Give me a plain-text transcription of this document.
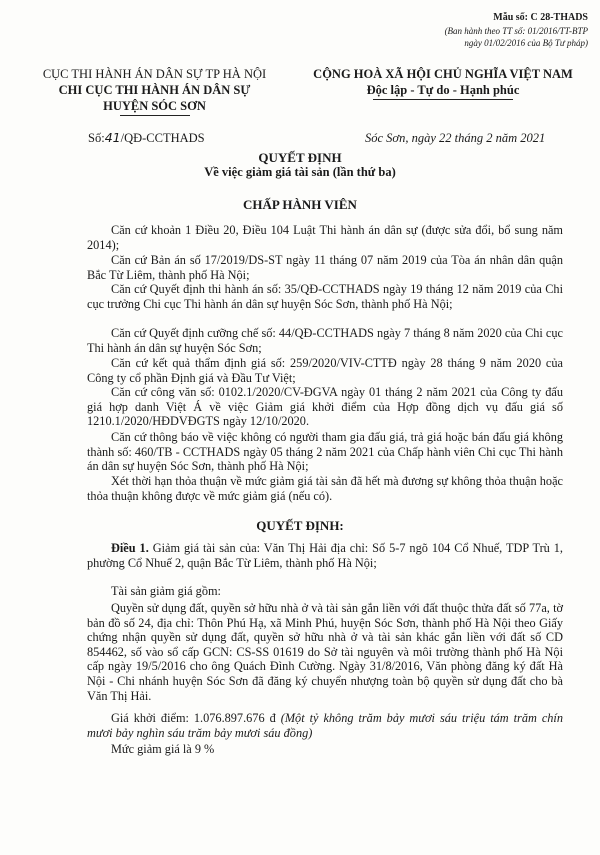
Mẫu số: C 28-THADS
(Ban hành theo TT số: 01/2016/TT-BTP
ngày 01/02/2016 của Bộ Tư pháp)
CỤC THI HÀNH ÁN DÂN SỰ TP HÀ NỘI
CHI CỤC THI HÀNH ÁN DÂN SỰ
HUYỆN SÓC SƠN
CỘNG HOÀ XÃ HỘI CHỦ NGHĨA VIỆT NAM
Độc lập - Tự do - Hạnh phúc
Số:41/QĐ-CCTHADS	Sóc Sơn, ngày 22 tháng 2 năm 2021
QUYẾT ĐỊNH
Về việc giảm giá tài sản (lần thứ ba)
CHẤP HÀNH VIÊN

Căn cứ khoản 1 Điều 20, Điều 104 Luật Thi hành án dân sự (được sửa đổi, bổ sung năm 2014);

Căn cứ Bản án số 17/2019/DS-ST ngày 11 tháng 07 năm 2019 của Tòa án nhân dân quận Bắc Từ Liêm, thành phố Hà Nội;

Căn cứ Quyết định thi hành án số: 35/QĐ-CCTHADS ngày 19 tháng 12 năm 2019 của Chi cục trưởng Chi cục Thi hành án dân sự huyện Sóc Sơn, thành phố Hà Nội;

Căn cứ Quyết định cưỡng chế số: 44/QĐ-CCTHADS ngày 7 tháng 8 năm 2020 của Chi cục Thi hành án dân sự huyện Sóc Sơn;

Căn cứ kết quả thẩm định giá số: 259/2020/VIV-CTTĐ ngày 28 tháng 9 năm 2020 của Công ty cổ phần Định giá và Đầu Tư Việt;

Căn cứ công văn số: 0102.1/2020/CV-ĐGVA ngày 01 tháng 2 năm 2021 của Công ty đấu giá hợp danh Việt Á về việc Giảm giá khởi điểm của Hợp đồng dịch vụ đấu giá số 1210.1/2020/HĐDVĐGTS ngày 12/10/2020.

Căn cứ thông báo về việc không có người tham gia đấu giá, trả giá hoặc bán đấu giá không thành số: 460/TB - CCTHADS ngày 05 tháng 2 năm 2021 của Chấp hành viên Chi cục Thi hành án dân sự huyện Sóc Sơn, thành phố Hà Nội;

Xét thời hạn thỏa thuận về mức giảm giá tài sản đã hết mà đương sự không thỏa thuận hoặc thỏa thuận không được về mức giảm giá (nếu có).

QUYẾT ĐỊNH:

Điều 1. Giảm giá tài sản của: Văn Thị Hải địa chỉ: Số 5-7 ngõ 104 Cổ Nhuế, TDP Trù 1, phường Cổ Nhuế 2, quận Bắc Từ Liêm, thành phố Hà Nội;

Tài sản giảm giá gồm:

Quyền sử dụng đất, quyền sở hữu nhà ở và tài sản gắn liền với đất thuộc thửa đất số 77a, tờ bản đồ số 24, địa chỉ: Thôn Phú Hạ, xã Minh Phú, huyện Sóc Sơn, thành phố Hà Nội theo Giấy chứng nhận quyền sử dụng đất, quyền sở hữu nhà ở và tài sản khác gắn liền với đất số CD 854462, số vào sổ cấp GCN: CS-SS 01619 do Sở tài nguyên và môi trường thành phố Hà Nội cấp ngày 19/5/2016 cho ông Quách Đình Cường. Ngày 31/8/2016, Văn phòng đăng ký đất Hà Nội - Chi nhánh huyện Sóc Sơn đã đăng ký chuyển nhượng toàn bộ quyền sử dụng đất cho bà Văn Thị Hải.

Giá khởi điểm: 1.076.897.676 đ (Một tỷ không trăm bảy mươi sáu triệu tám trăm chín mươi bảy nghìn sáu trăm bảy mươi sáu đồng)

Mức giảm giá là 9 %
